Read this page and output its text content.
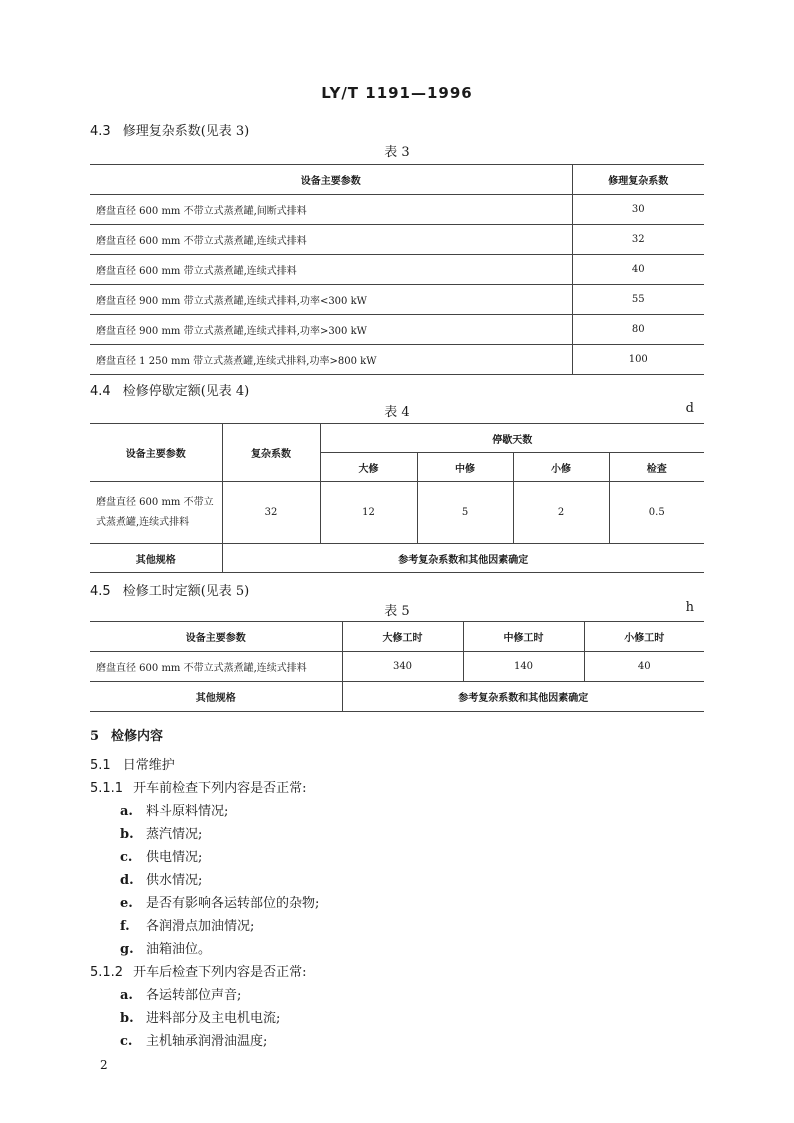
LY/T 1191—1996
4.3 修理复杂系数(见表 3)
表 3
设备主要参数	修理复杂系数
磨盘直径 600 mm 不带立式蒸煮罐,间断式排料	30
磨盘直径 600 mm 不带立式蒸煮罐,连续式排料	32
磨盘直径 600 mm 带立式蒸煮罐,连续式排料	40
磨盘直径 900 mm 带立式蒸煮罐,连续式排料,功率<300 kW	55
磨盘直径 900 mm 带立式蒸煮罐,连续式排料,功率>300 kW	80
磨盘直径 1 250 mm 带立式蒸煮罐,连续式排料,功率>800 kW	100
4.4 检修停歇定额(见表 4)
表 4	d
设备主要参数	复杂系数	停歇天数			
		大修	中修	小修	检查
磨盘直径 600 mm 不带立式蒸煮罐,连续式排料	32	12	5	2	0.5
其他规格	参考复杂系数和其他因素确定				
4.5 检修工时定额(见表 5)
表 5	h
设备主要参数	大修工时	中修工时	小修工时
磨盘直径 600 mm 不带立式蒸煮罐,连续式排料	340	140	40
其他规格	参考复杂系数和其他因素确定		
5 检修内容
5.1 日常维护
5.1.1 开车前检查下列内容是否正常:
a. 料斗原料情况;
b. 蒸汽情况;
c. 供电情况;
d. 供水情况;
e. 是否有影响各运转部位的杂物;
f. 各润滑点加油情况;
g. 油箱油位。
5.1.2 开车后检查下列内容是否正常:
a. 各运转部位声音;
b. 进料部分及主电机电流;
c. 主机轴承润滑油温度;
2
